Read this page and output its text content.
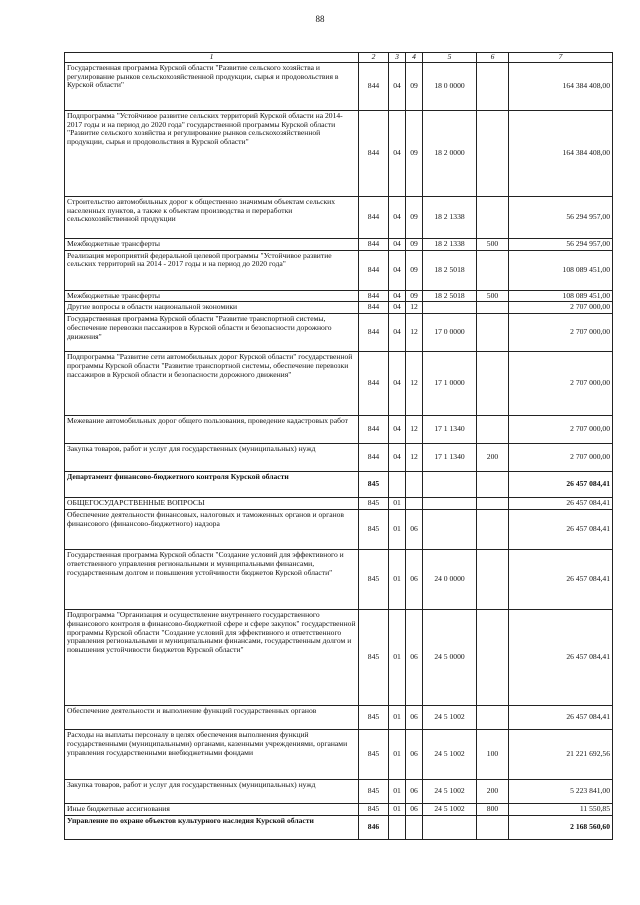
88
1	2	3	4	5	6	7
Государственная программа Курской области "Развитие сельского хозяйства и регулирование рынков сельскохозяйственной продукции, сырья и продовольствия в Курской области"	844	04	09	18 0 0000		164 384 408,00
Подпрограмма "Устойчивое развитие сельских территорий Курской области на 2014-2017 годы и на период до 2020 года" государственной программы Курской области "Развитие сельского хозяйства и регулирование рынков сельскохозяйственной продукции, сырья и продовольствия в Курской области"	844	04	09	18 2 0000		164 384 408,00
Строительство автомобильных дорог к общественно значимым объектам сельских населенных пунктов, а также к объектам производства и переработки сельскохозяйственной продукции	844	04	09	18 2 1338		56 294 957,00
Межбюджетные трансферты	844	04	09	18 2 1338	500	56 294 957,00
Реализация мероприятий федеральной целевой программы "Устойчивое развитие сельских территорий на 2014 - 2017 годы и на период до 2020 года"	844	04	09	18 2 5018		108 089 451,00
Межбюджетные трансферты	844	04	09	18 2 5018	500	108 089 451,00
Другие вопросы в области национальной экономики	844	04	12			2 707 000,00
Государственная программа Курской области "Развитие транспортной системы, обеспечение перевозки пассажиров в Курской области и безопасности дорожного движения"	844	04	12	17 0 0000		2 707 000,00
Подпрограмма "Развитие сети автомобильных дорог Курской области" государственной программы Курской области "Развитие транспортной системы, обеспечение перевозки пассажиров в Курской области и безопасности дорожного движения"	844	04	12	17 1 0000		2 707 000,00
Межевание автомобильных дорог общего пользования, проведение кадастровых работ	844	04	12	17 1 1340		2 707 000,00
Закупка товаров, работ и услуг для государственных (муниципальных) нужд	844	04	12	17 1 1340	200	2 707 000,00
Департамент финансово-бюджетного контроля Курской области	845					26 457 084,41
ОБЩЕГОСУДАРСТВЕННЫЕ ВОПРОСЫ	845	01				26 457 084,41
Обеспечение деятельности финансовых, налоговых и таможенных органов и органов финансового (финансово-бюджетного) надзора	845	01	06			26 457 084,41
Государственная программа Курской области "Создание условий для эффективного и ответственного управления региональными и муниципальными финансами, государственным долгом и повышения устойчивости бюджетов Курской области"	845	01	06	24 0 0000		26 457 084,41
Подпрограмма "Организация и осуществление внутреннего государственного финансового контроля в финансово-бюджетной сфере и сфере закупок" государственной программы Курской области "Создание условий для эффективного и ответственного управления региональными и муниципальными финансами, государственным долгом и повышения устойчивости бюджетов Курской области"	845	01	06	24 5 0000		26 457 084,41
Обеспечение деятельности и выполнение функций государственных органов	845	01	06	24 5 1002		26 457 084,41
Расходы на выплаты персоналу в целях обеспечения выполнения функций государственными (муниципальными) органами, казенными учреждениями, органами управления государственными внебюджетными фондами	845	01	06	24 5 1002	100	21 221 692,56
Закупка товаров, работ и услуг для государственных (муниципальных) нужд	845	01	06	24 5 1002	200	5 223 841,00
Иные бюджетные ассигнования	845	01	06	24 5 1002	800	11 550,85
Управление по охране объектов культурного наследия Курской области	846					2 168 560,60
